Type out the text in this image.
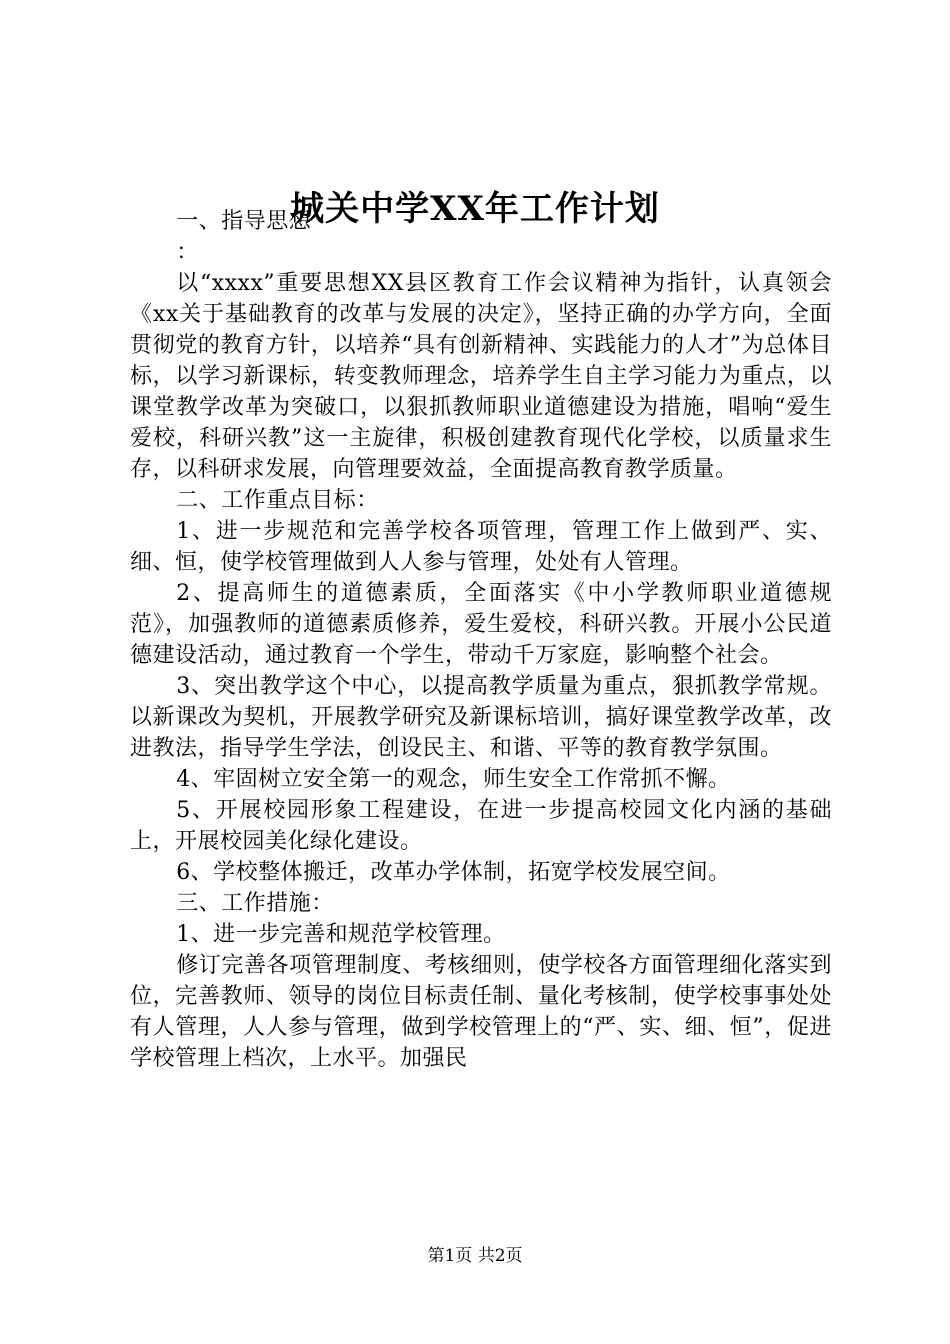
城关中学XX年工作计划

一、指导思想

：

以“xxxx”重要思想XX县区教育工作会议精神为指针，认真领会《xx关于基础教育的改革与发展的决定》，坚持正确的办学方向，全面贯彻党的教育方针，以培养“具有创新精神、实践能力的人才”为总体目标，以学习新课标，转变教师理念，培养学生自主学习能力为重点，以课堂教学改革为突破口，以狠抓教师职业道德建设为措施，唱响“爱生爱校，科研兴教”这一主旋律，积极创建教育现代化学校，以质量求生存，以科研求发展，向管理要效益，全面提高教育教学质量。

二、工作重点目标：

1、进一步规范和完善学校各项管理，管理工作上做到严、实、细、恒，使学校管理做到人人参与管理，处处有人管理。

2、提高师生的道德素质，全面落实《中小学教师职业道德规范》，加强教师的道德素质修养，爱生爱校，科研兴教。开展小公民道德建设活动，通过教育一个学生，带动千万家庭，影响整个社会。

3、突出教学这个中心，以提高教学质量为重点，狠抓教学常规。以新课改为契机，开展教学研究及新课标培训，搞好课堂教学改革，改进教法，指导学生学法，创设民主、和谐、平等的教育教学氛围。

4、牢固树立安全第一的观念，师生安全工作常抓不懈。

5、开展校园形象工程建设，在进一步提高校园文化内涵的基础上，开展校园美化绿化建设。

6、学校整体搬迁，改革办学体制，拓宽学校发展空间。

三、工作措施：

1、进一步完善和规范学校管理。

修订完善各项管理制度、考核细则，使学校各方面管理细化落实到位，完善教师、领导的岗位目标责任制、量化考核制，使学校事事处处有人管理，人人参与管理，做到学校管理上的“严、实、细、恒”，促进学校管理上档次，上水平。加强民

第1页 共2页
